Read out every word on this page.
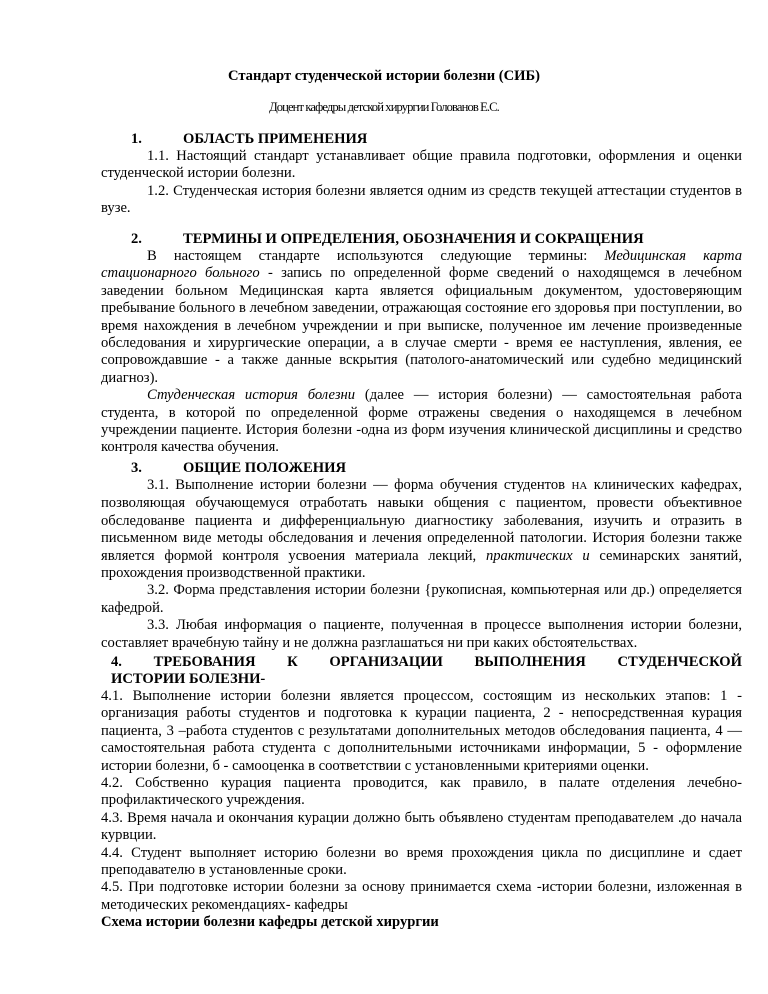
Стандарт студенческой истории болезни (СИБ)
Доцент кафедры детской хирургии Голованов Е.С.
1.	ОБЛАСТЬ ПРИМЕНЕНИЯ

1.1. Настоящий стандарт устанавливает общие правила подготовки, оформления и оценки студенческой истории болезни.

1.2. Студенческая история болезни является одним из средств текущей аттестации студентов в вузе.

2.	ТЕРМИНЫ И ОПРЕДЕЛЕНИЯ, ОБОЗНАЧЕНИЯ И СОКРАЩЕНИЯ

В настоящем стандарте используются следующие термины: Медицинская карта стационарного больного - запись по определенной форме сведений о находящемся в лечебном заведении больном Медицинская карта является официальным документом, удостоверяющим пребывание больного в лечебном заведении, отражающая состояние его здоровья при поступлении, во время нахождения в лечебном учреждении и при выписке, полученное им лечение произведенные обследования и хирургические операции, а в случае смерти - время ее наступления, явления, ее сопровождавшие - а также данные вскрытия (патолого-анатомический или судебно медицинский диагноз).

Студенческая история болезни (далее — история болезни) — самостоятельная работа студента, в которой по определенной форме отражены сведения о находящемся в лечебном учреждении пациенте. История болезни -одна из форм изучения клинической дисциплины и средство контроля качества обучения.

3.	ОБЩИЕ ПОЛОЖЕНИЯ

3.1. Выполнение истории болезни — форма обучения студентов НА клинических кафедрах, позволяющая обучающемуся отработать навыки общения с пациентом, провести объективное обследованве пациента и дифференциальную диагностику заболевания, изучить и отразить в письменном виде методы обследования и лечения определенной патологии. История болезни также является формой контроля усвоения материала лекций, практических и семинарских занятий, прохождения производственной практики.

3.2. Форма представления истории болезни {рукописная, компьютерная или др.) определяется кафедрой.

3.3. Любая информация о пациенте, полученная в процессе выполнения истории болезни, составляет врачебную тайну и не должна разглашаться ни при каких обстоятельствах.

4. ТРЕБОВАНИЯ К ОРГАНИЗАЦИИ ВЫПОЛНЕНИЯ СТУДЕНЧЕСКОЙ
ИСТОРИИ БОЛЕЗНИ-

4.1. Выполнение истории болезни является процессом, состоящим из нескольких этапов: 1 - организация работы студентов и подготовка к курации пациента, 2 - непосредственная курация пациента, 3 –работа студентов с результатами дополнительных методов обследования пациента, 4 — самостоятельная работа студента с дополнительными источниками информации, 5 - оформление истории болезни, б - самооценка в соответствии с установленными критериями оценки.

4.2. Собственно курация пациента проводится, как правило, в палате отделения лечебно-профилактического учреждения.

4.3. Время начала и окончания курации должно быть объявлено студентам преподавателем .до начала курвции.

4.4. Студент выполняет историю болезни во время прохождения цикла по дисциплине и сдает преподавателю в установленные сроки.

4.5. При подготовке истории болезни за основу принимается схема -истории болезни, изложенная в методических рекомендациях- кафедры

Схема истории болезни кафедры детской хирургии
